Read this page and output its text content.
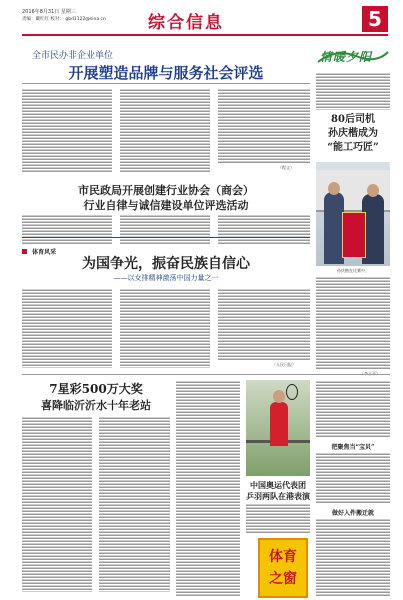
2016年8月31日 星期三
责编：戴红红 校对： gbd1122@sina.cn 综合信息	5
全市民办非企业单位
开展塑造品牌与服务社会评选
（程文）
市民政局开展创建行业协会（商会）
行业自律与诚信建设单位评选活动
情暖夕阳
80后司机
孙庆楷成为
“能工巧匠”
孙庆楷在比赛中。
体育风采
为国争光，振奋民族自信心
——以女排精神激荡中国力量之一
（人民日报）
7星彩500万大奖
喜降临沂沂水十年老站
中国奥运代表团
乒羽两队在港表演
体育
之窗
把聚焦当“宝贝”
做好入件搬迁就
